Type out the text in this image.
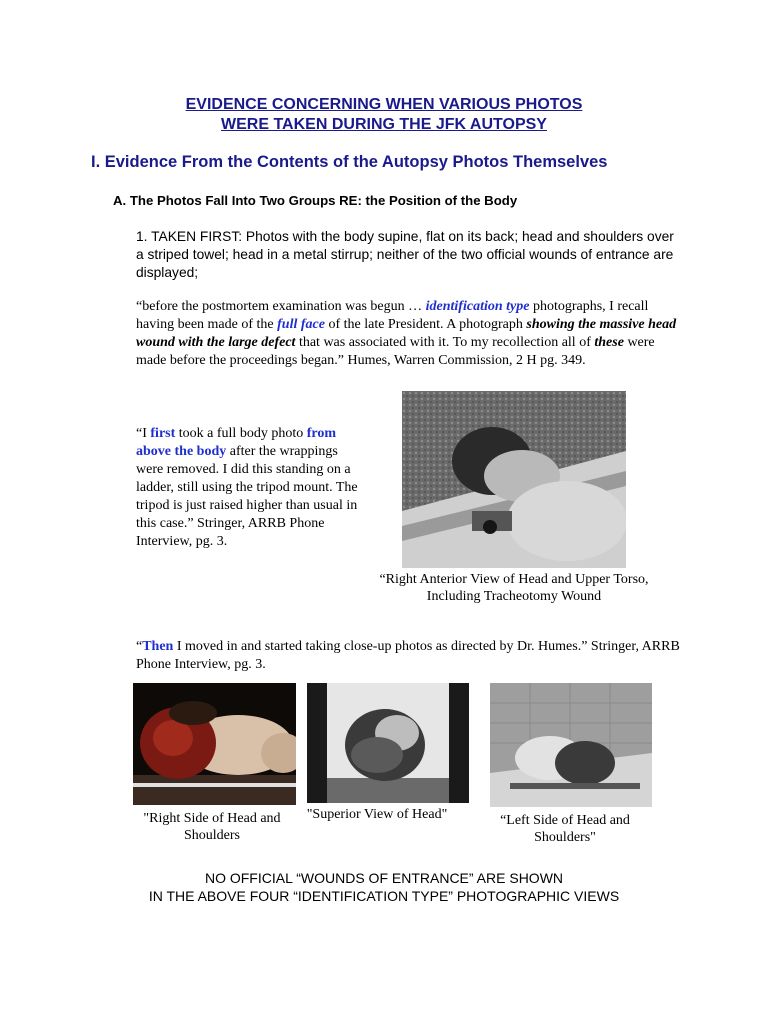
EVIDENCE CONCERNING WHEN VARIOUS PHOTOS
WERE TAKEN DURING THE JFK AUTOPSY
I. Evidence From the Contents of the Autopsy Photos Themselves
A. The Photos Fall Into Two Groups RE: the Position of the Body
1. TAKEN FIRST: Photos with the body supine, flat on its back; head and shoulders over a striped towel; head in a metal stirrup; neither of the two official wounds of entrance are displayed;
“before the postmortem examination was begun … identification type photographs, I recall having been made of the full face of the late President. A photograph showing the massive head wound with the large defect that was associated with it. To my recollection all of these were made before the proceedings began.” Humes, Warren Commission, 2 H pg. 349.
“I first took a full body photo from above the body after the wrappings were removed. I did this standing on a ladder, still using the tripod mount. The tripod is just raised higher than usual in this case.” Stringer, ARRB Phone Interview, pg. 3.
“Right Anterior View of Head and Upper Torso, Including Tracheotomy Wound
“Then I moved in and started taking close-up photos as directed by Dr. Humes.” Stringer, ARRB Phone Interview, pg. 3.
"Right Side of Head and Shoulders
"Superior View of Head"	“Left Side of Head and Shoulders"
NO OFFICIAL “WOUNDS OF ENTRANCE” ARE SHOWN
IN THE ABOVE FOUR “IDENTIFICATION TYPE” PHOTOGRAPHIC VIEWS
